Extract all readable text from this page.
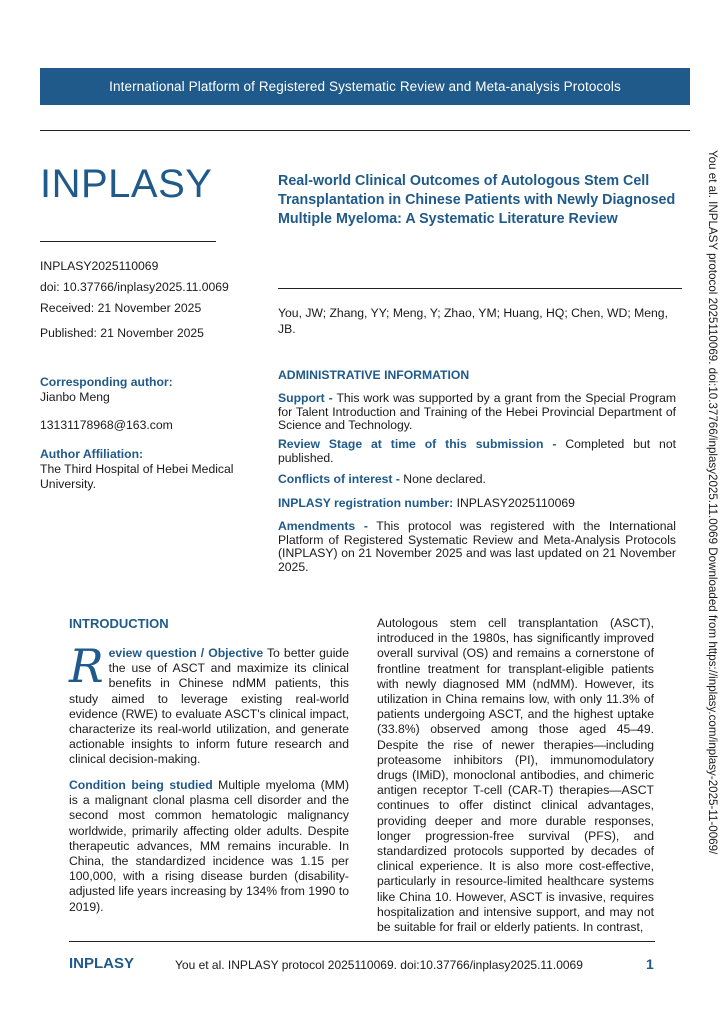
International Platform of Registered Systematic Review and Meta-analysis Protocols
You et al. INPLASY protocol 2025110069. doi:10.37766/inplasy2025.11.0069 Downloaded from https://inplasy.com/inplasy-2025-11-0069/
INPLASY
INPLASY2025110069
doi: 10.37766/inplasy2025.11.0069
Received: 21 November 2025
Published: 21 November 2025
Corresponding author:
Jianbo Meng
13131178968@163.com
Author Affiliation:
The Third Hospital of Hebei Medical University.
Real-world Clinical Outcomes of Autologous Stem Cell Transplantation in Chinese Patients with Newly Diagnosed Multiple Myeloma: A Systematic Literature Review
You, JW; Zhang, YY; Meng, Y; Zhao, YM; Huang, HQ; Chen, WD; Meng, JB.
ADMINISTRATIVE INFORMATION
Support - This work was supported by a grant from the Special Program for Talent Introduction and Training of the Hebei Provincial Department of Science and Technology.
Review Stage at time of this submission - Completed but not published.
Conflicts of interest - None declared.
INPLASY registration number: INPLASY2025110069
Amendments - This protocol was registered with the International Platform of Registered Systematic Review and Meta-Analysis Protocols (INPLASY) on 21 November 2025 and was last updated on 21 November 2025.
INTRODUCTION
R eview question / Objective To better guide the use of ASCT and maximize its clinical benefits in Chinese ndMM patients, this study aimed to leverage existing real-world evidence (RWE) to evaluate ASCT's clinical impact, characterize its real-world utilization, and generate actionable insights to inform future research and clinical decision-making.
Condition being studied Multiple myeloma (MM) is a malignant clonal plasma cell disorder and the second most common hematologic malignancy worldwide, primarily affecting older adults. Despite therapeutic advances, MM remains incurable. In China, the standardized incidence was 1.15 per 100,000, with a rising disease burden (disability-adjusted life years increasing by 134% from 1990 to 2019).
Autologous stem cell transplantation (ASCT), introduced in the 1980s, has significantly improved overall survival (OS) and remains a cornerstone of frontline treatment for transplant-eligible patients with newly diagnosed MM (ndMM). However, its utilization in China remains low, with only 11.3% of patients undergoing ASCT, and the highest uptake (33.8%) observed among those aged 45–49. Despite the rise of newer therapies—including proteasome inhibitors (PI), immunomodulatory drugs (IMiD), monoclonal antibodies, and chimeric antigen receptor T-cell (CAR-T) therapies—ASCT continues to offer distinct clinical advantages, providing deeper and more durable responses, longer progression-free survival (PFS), and standardized protocols supported by decades of clinical experience. It is also more cost-effective, particularly in resource-limited healthcare systems like China 10. However, ASCT is invasive, requires hospitalization and intensive support, and may not be suitable for frail or elderly patients. In contrast,
INPLASY	You et al. INPLASY protocol 2025110069. doi:10.37766/inplasy2025.11.0069	1
